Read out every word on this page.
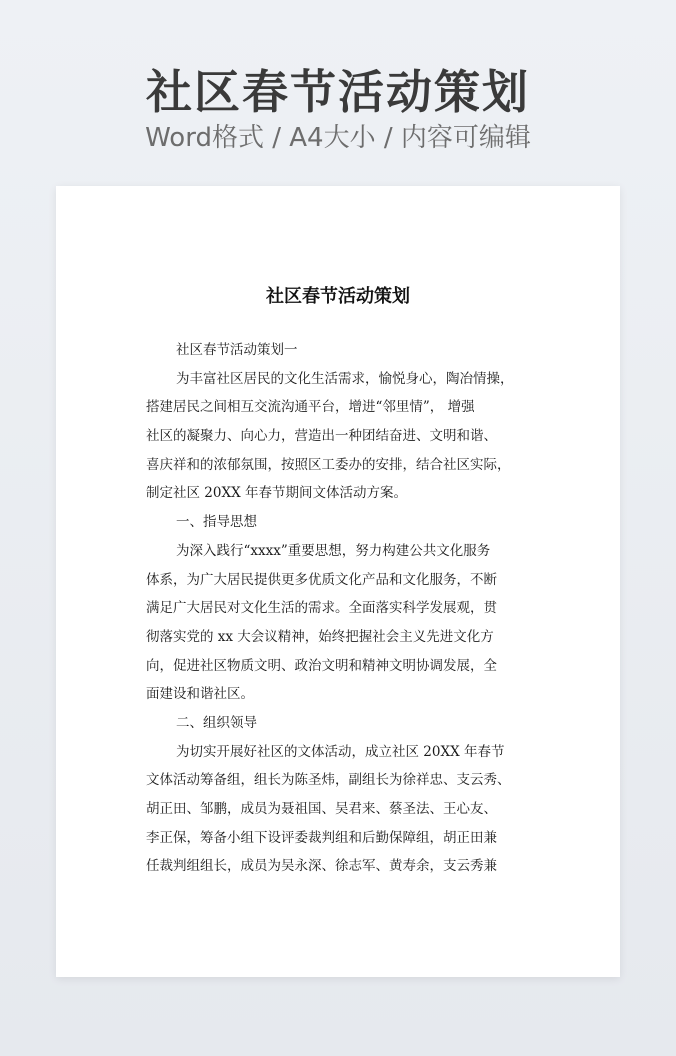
社区春节活动策划
Word格式 / A4大小 / 内容可编辑
社区春节活动策划
社区春节活动策划一
为丰富社区居民的文化生活需求，愉悦身心，陶冶情操，
搭建居民之间相互交流沟通平台，增进“邻里情”， 增强
社区的凝聚力、向心力，营造出一种团结奋进、文明和谐、
喜庆祥和的浓郁氛围，按照区工委办的安排，结合社区实际，
制定社区 20XX 年春节期间文体活动方案。
一、指导思想
为深入践行“xxxx”重要思想，努力构建公共文化服务
体系，为广大居民提供更多优质文化产品和文化服务，不断
满足广大居民对文化生活的需求。全面落实科学发展观，贯
彻落实党的 xx 大会议精神，始终把握社会主义先进文化方
向，促进社区物质文明、政治文明和精神文明协调发展，全
面建设和谐社区。
二、组织领导
为切实开展好社区的文体活动，成立社区 20XX 年春节
文体活动筹备组，组长为陈圣炜，副组长为徐祥忠、支云秀、
胡正田、邹鹏，成员为聂祖国、吴君来、蔡圣法、王心友、
李正保，筹备小组下设评委裁判组和后勤保障组，胡正田兼
任裁判组组长，成员为吴永深、徐志军、黄寿余，支云秀兼
